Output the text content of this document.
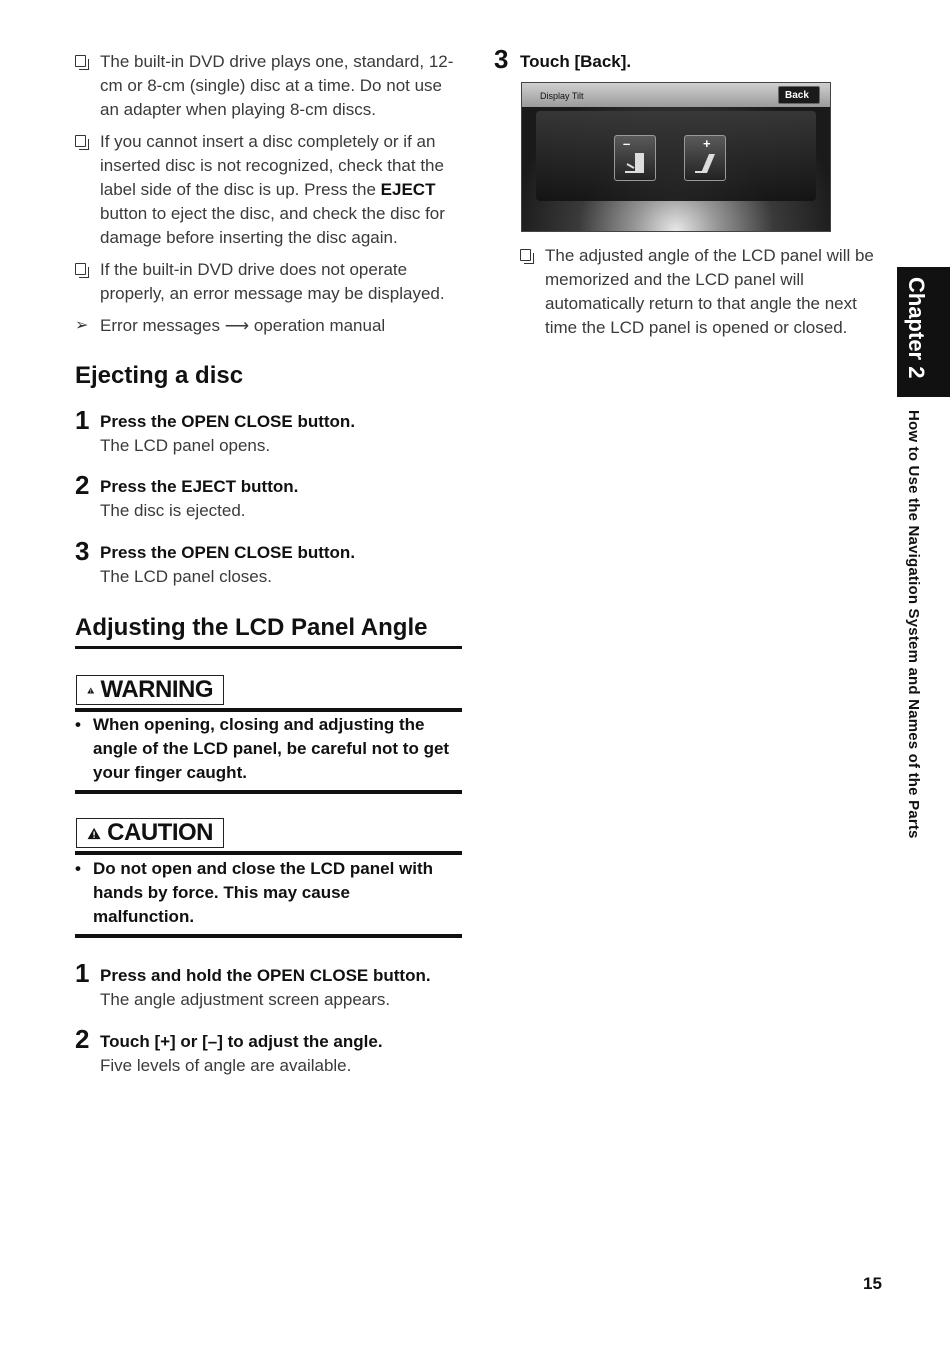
The built-in DVD drive plays one, standard, 12-cm or 8-cm (single) disc at a time. Do not use an adapter when playing 8-cm discs.
If you cannot insert a disc completely or if an inserted disc is not recognized, check that the label side of the disc is up. Press the EJECT button to eject the disc, and check the disc for damage before inserting the disc again.
If the built-in DVD drive does not operate properly, an error message may be displayed.
➢ Error messages ⟶ operation manual
Ejecting a disc
1 Press the OPEN CLOSE button.
The LCD panel opens.
2 Press the EJECT button.
The disc is ejected.
3 Press the OPEN CLOSE button.
The LCD panel closes.
Adjusting the LCD Panel Angle
WARNING
• When opening, closing and adjusting the angle of the LCD panel, be careful not to get your finger caught.
CAUTION
• Do not open and close the LCD panel with hands by force. This may cause malfunction.
1 Press and hold the OPEN CLOSE button.
The angle adjustment screen appears.
2 Touch [+] or [–] to adjust the angle.
Five levels of angle are available.
3 Touch [Back].
Display Tilt	Back
–	+
The adjusted angle of the LCD panel will be memorized and the LCD panel will automatically return to that angle the next time the LCD panel is opened or closed.	Chapter 2
How to Use the Navigation System and Names of the Parts
15
